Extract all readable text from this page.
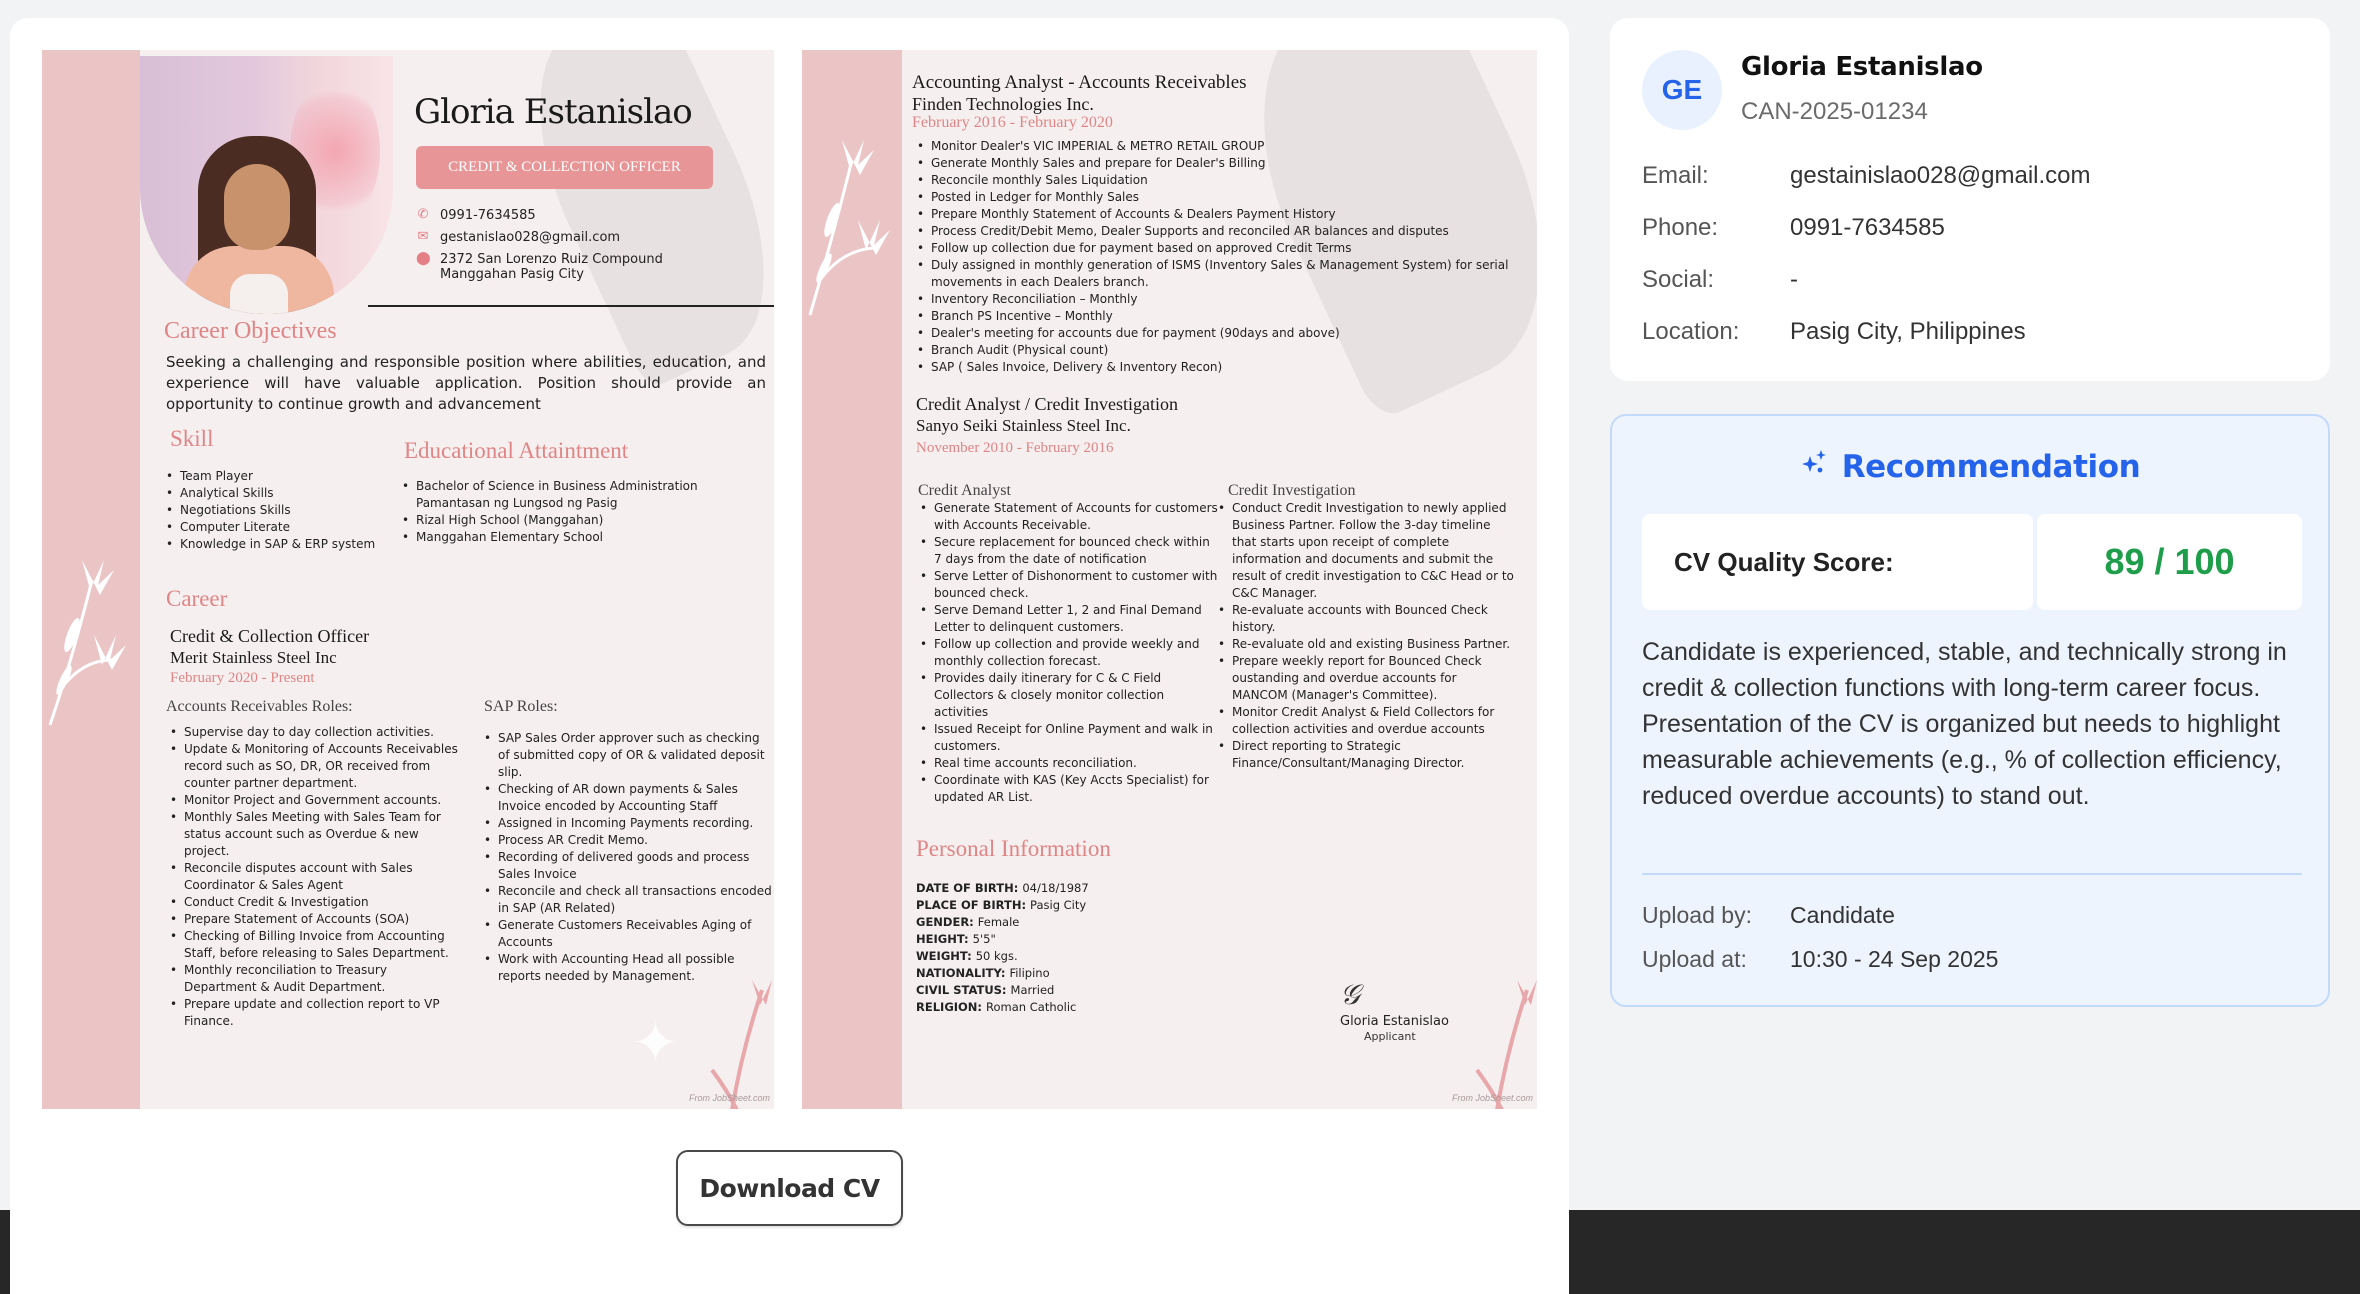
Gloria Estanislao
CREDIT & COLLECTION OFFICER
✆ 0991-7634585
✉ gestanislao028@gmail.com
⬤ 2372 San Lorenzo Ruiz Compound
Manggahan Pasig City
Career Objectives
Seeking a challenging and responsible position where abilities, education, and experience will have valuable application. Position should provide an opportunity to continue growth and advancement
Skill
• Team Player
• Analytical Skills
• Negotiations Skills
• Computer Literate
• Knowledge in SAP & ERP system
Educational Attaintment
• Bachelor of Science in Business Administration Pamantasan ng Lungsod ng Pasig
• Rizal High School (Manggahan)
• Manggahan Elementary School
Career
Credit & Collection Officer
Merit Stainless Steel Inc
February 2020 - Present
Accounts Receivables Roles:
• Supervise day to day collection activities.
• Update & Monitoring of Accounts Receivables record such as SO, DR, OR received from counter partner department.
• Monitor Project and Government accounts.
• Monthly Sales Meeting with Sales Team for status account such as Overdue & new project.
• Reconcile disputes account with Sales Coordinator & Sales Agent
• Conduct Credit & Investigation
• Prepare Statement of Accounts (SOA)
• Checking of Billing Invoice from Accounting Staff, before releasing to Sales Department.
• Monthly reconciliation to Treasury Department & Audit Department.
• Prepare update and collection report to VP Finance.
SAP Roles:
• SAP Sales Order approver such as checking of submitted copy of OR & validated deposit slip.
• Checking of AR down payments & Sales Invoice encoded by Accounting Staff
• Assigned in Incoming Payments recording.
• Process AR Credit Memo.
• Recording of delivered goods and process Sales Invoice
• Reconcile and check all transactions encoded in SAP (AR Related)
• Generate Customers Receivables Aging of Accounts
• Work with Accounting Head all possible reports needed by Management.
✦
From JobSheet.com
Accounting Analyst - Accounts Receivables
Finden Technologies Inc.
February 2016 - February 2020
• Monitor Dealer's VIC IMPERIAL & METRO RETAIL GROUP
• Generate Monthly Sales and prepare for Dealer's Billing
• Reconcile monthly Sales Liquidation
• Posted in Ledger for Monthly Sales
• Prepare Monthly Statement of Accounts & Dealers Payment History
• Process Credit/Debit Memo, Dealer Supports and reconciled AR balances and disputes
• Follow up collection due for payment based on approved Credit Terms
• Duly assigned in monthly generation of ISMS (Inventory Sales & Management System) for serial movements in each Dealers branch.
• Inventory Reconciliation – Monthly
• Branch PS Incentive – Monthly
• Dealer's meeting for accounts due for payment (90days and above)
• Branch Audit (Physical count)
• SAP ( Sales Invoice, Delivery & Inventory Recon)
Credit Analyst / Credit Investigation
Sanyo Seiki Stainless Steel Inc.
November 2010 - February 2016
Credit Analyst
• Generate Statement of Accounts for customers with Accounts Receivable.
• Secure replacement for bounced check within 7 days from the date of notification
• Serve Letter of Dishonorment to customer with bounced check.
• Serve Demand Letter 1, 2 and Final Demand Letter to delinquent customers.
• Follow up collection and provide weekly and monthly collection forecast.
• Provides daily itinerary for C & C Field Collectors & closely monitor collection activities
• Issued Receipt for Online Payment and walk in customers.
• Real time accounts reconciliation.
• Coordinate with KAS (Key Accts Specialist) for updated AR List.
Credit Investigation
• Conduct Credit Investigation to newly applied Business Partner. Follow the 3-day timeline that starts upon receipt of complete information and documents and submit the result of credit investigation to C&C Head or to C&C Manager.
• Re-evaluate accounts with Bounced Check history.
• Re-evaluate old and existing Business Partner.
• Prepare weekly report for Bounced Check oustanding and overdue accounts for MANCOM (Manager's Committee).
• Monitor Credit Analyst & Field Collectors for collection activities and overdue accounts
• Direct reporting to Strategic Finance/Consultant/Managing Director.
Personal Information
DATE OF BIRTH: 04/18/1987
PLACE OF BIRTH: Pasig City
GENDER: Female
HEIGHT: 5'5"
WEIGHT: 50 kgs.
NATIONALITY: Filipino
CIVIL STATUS: Married
RELIGION: Roman Catholic	𝒢
Gloria Estanislao
Applicant
From JobSheet.com
Download CV
GE
Gloria Estanislao
CAN-2025-01234
Email:	gestainislao028@gmail.com
Phone:	0991-7634585
Social:	-
Location:	Pasig City, Philippines
Recommendation
CV Quality Score:	89 / 100
Candidate is experienced, stable, and technically strong in credit & collection functions with long-term career focus. Presentation of the CV is organized but needs to highlight measurable achievements (e.g., % of collection efficiency, reduced overdue accounts) to stand out.
Upload by:	Candidate
Upload at:	10:30 - 24 Sep 2025
